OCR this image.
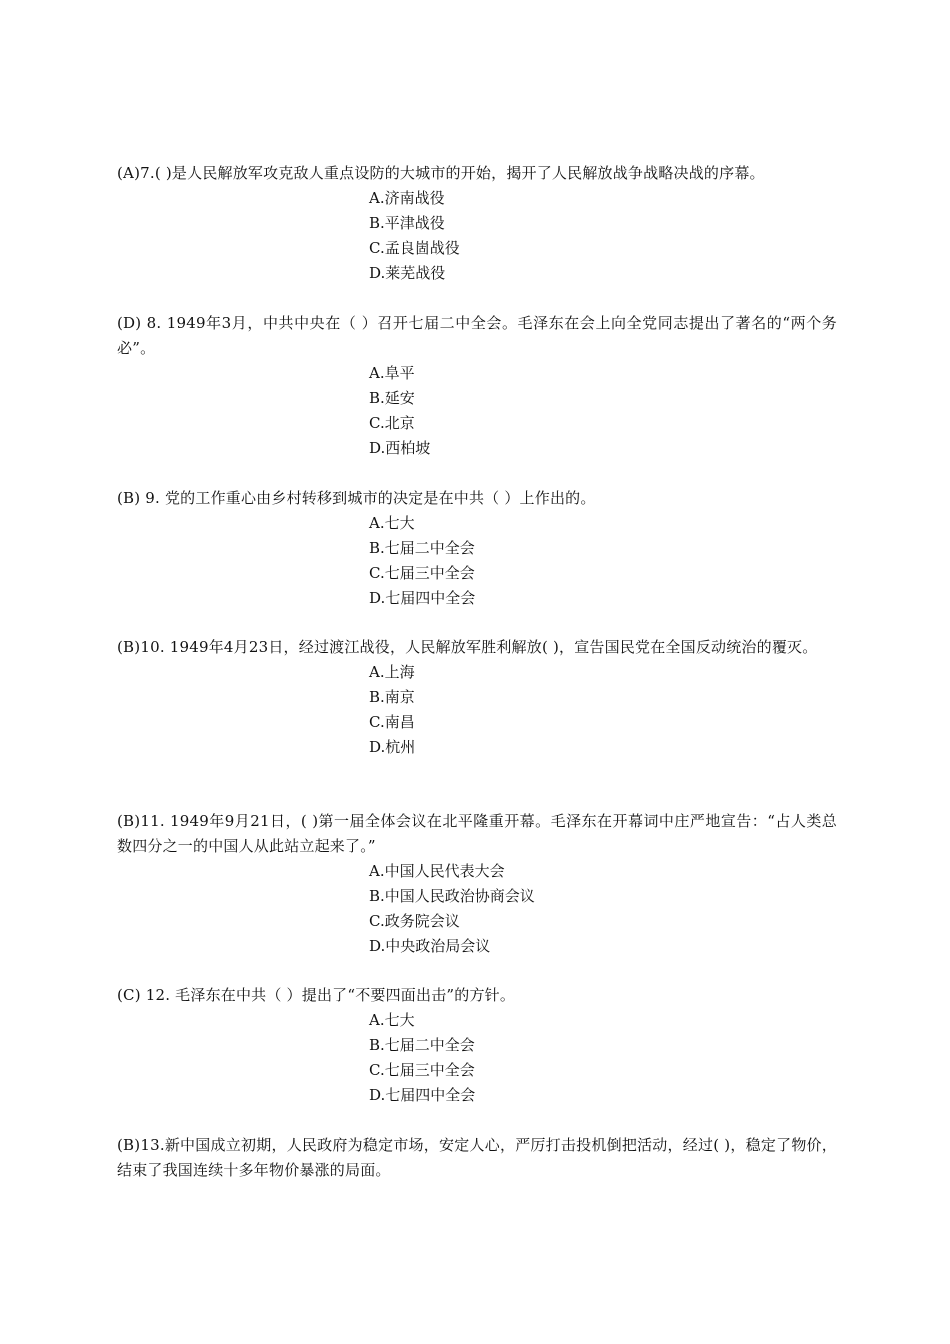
(A)7.( )是人民解放军攻克敌人重点设防的大城市的开始，揭开了人民解放战争战略决战的序幕。

A.济南战役
B.平津战役
C.孟良崮战役
D.莱芜战役

(D) 8. 1949年3月，中共中央在（ ）召开七届二中全会。毛泽东在会上向全党同志提出了著名的“两个务必”。

A.阜平
B.延安
C.北京
D.西柏坡

(B) 9. 党的工作重心由乡村转移到城市的决定是在中共（ ）上作出的。

A.七大
B.七届二中全会
C.七届三中全会
D.七届四中全会

(B)10. 1949年4月23日，经过渡江战役，人民解放军胜利解放( )，宣告国民党在全国反动统治的覆灭。

A.上海
B.南京
C.南昌
D.杭州

(B)11. 1949年9月21日，( )第一届全体会议在北平隆重开幕。毛泽东在开幕词中庄严地宣告：“占人类总数四分之一的中国人从此站立起来了。”

A.中国人民代表大会
B.中国人民政治协商会议
C.政务院会议
D.中央政治局会议

(C) 12. 毛泽东在中共（ ）提出了“不要四面出击”的方针。

A.七大
B.七届二中全会
C.七届三中全会
D.七届四中全会

(B)13.新中国成立初期，人民政府为稳定市场，安定人心，严厉打击投机倒把活动，经过( )，稳定了物价，结束了我国连续十多年物价暴涨的局面。
